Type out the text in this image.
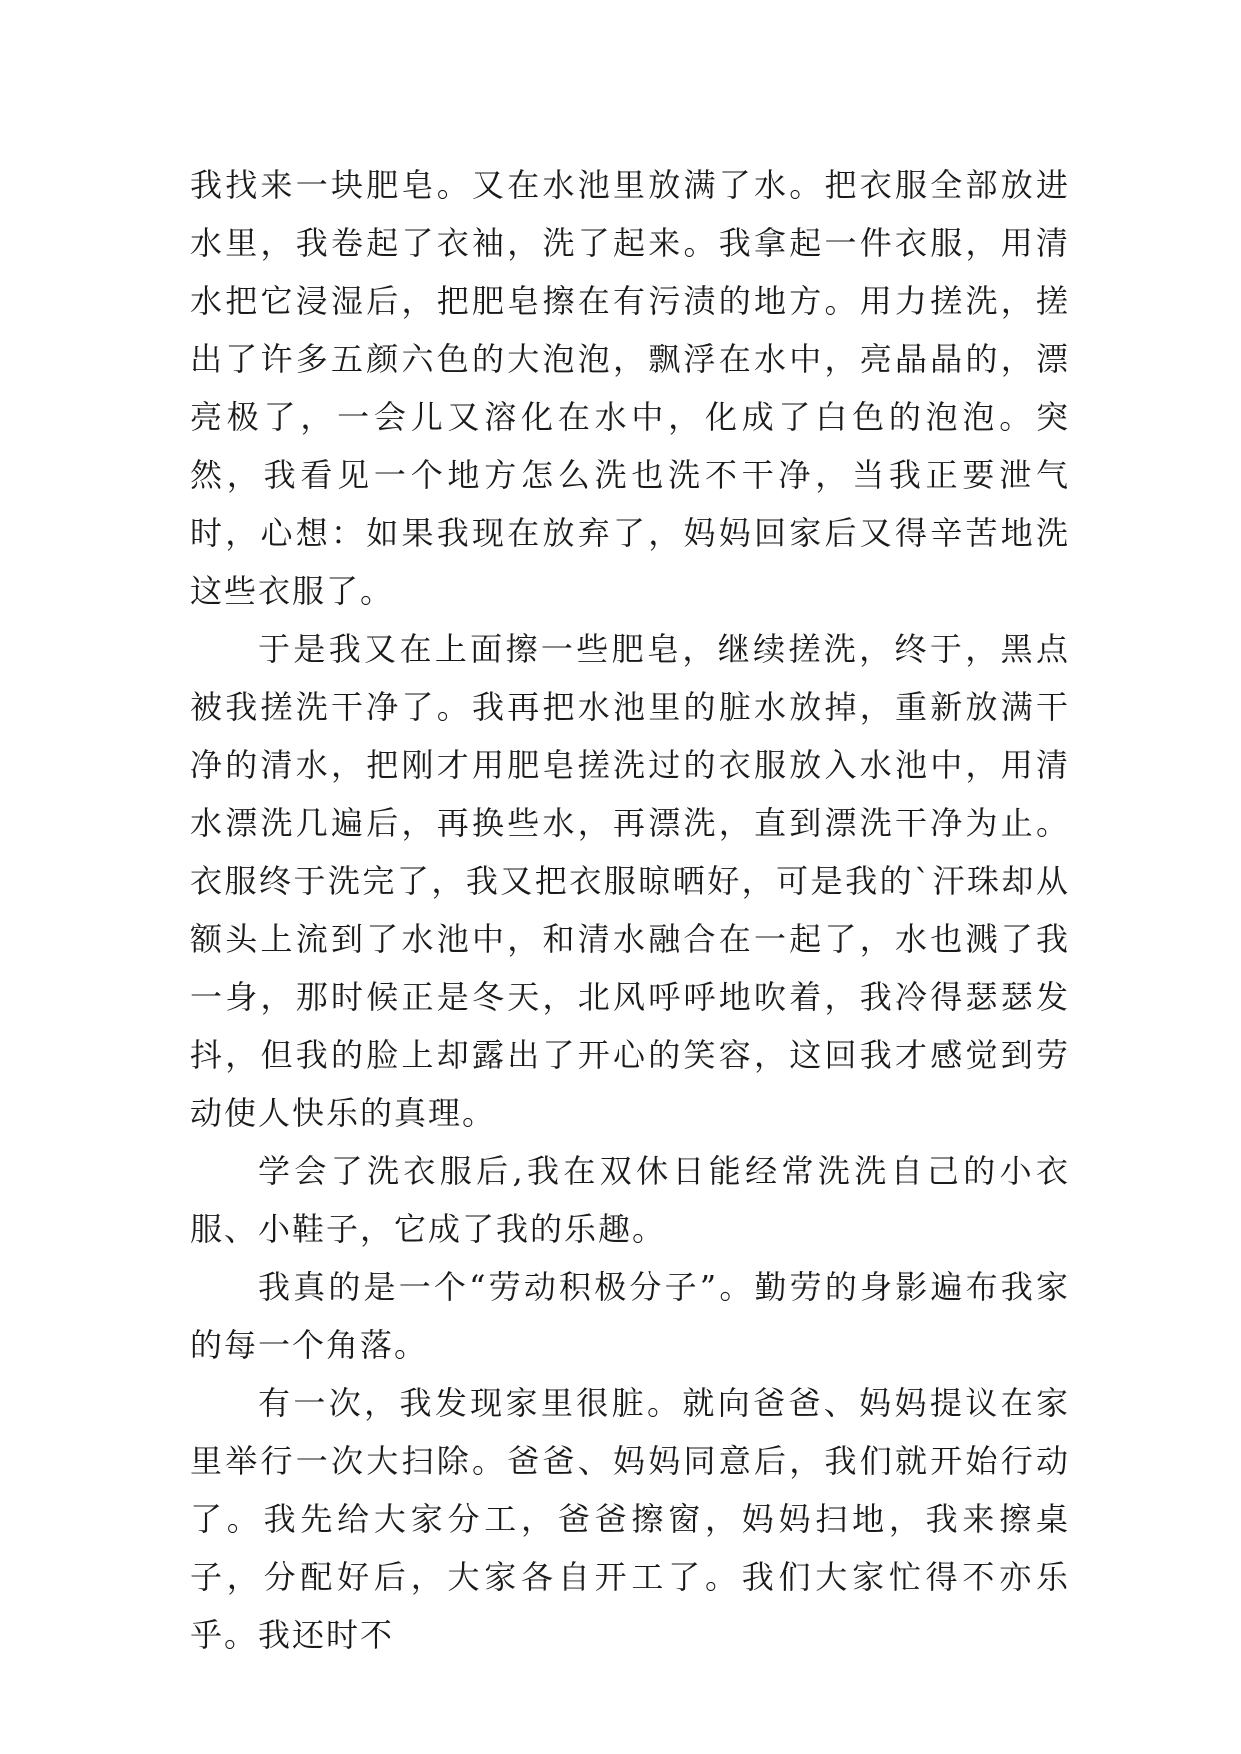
我找来一块肥皂。又在水池里放满了水。把衣服全部放进水里，我卷起了衣袖，洗了起来。我拿起一件衣服，用清水把它浸湿后，把肥皂擦在有污渍的地方。用力搓洗，搓出了许多五颜六色的大泡泡，飘浮在水中，亮晶晶的，漂亮极了，一会儿又溶化在水中，化成了白色的泡泡。突然，我看见一个地方怎么洗也洗不干净，当我正要泄气时，心想：如果我现在放弃了，妈妈回家后又得辛苦地洗这些衣服了。

于是我又在上面擦一些肥皂，继续搓洗，终于，黑点被我搓洗干净了。我再把水池里的脏水放掉，重新放满干净的清水，把刚才用肥皂搓洗过的衣服放入水池中，用清水漂洗几遍后，再换些水，再漂洗，直到漂洗干净为止。衣服终于洗完了，我又把衣服晾晒好，可是我的`汗珠却从额头上流到了水池中，和清水融合在一起了，水也溅了我一身，那时候正是冬天，北风呼呼地吹着，我冷得瑟瑟发抖，但我的脸上却露出了开心的笑容，这回我才感觉到劳动使人快乐的真理。

学会了洗衣服后,我在双休日能经常洗洗自己的小衣服、小鞋子，它成了我的乐趣。

我真的是一个“劳动积极分子”。勤劳的身影遍布我家的每一个角落。

有一次，我发现家里很脏。就向爸爸、妈妈提议在家里举行一次大扫除。爸爸、妈妈同意后，我们就开始行动了。我先给大家分工，爸爸擦窗，妈妈扫地，我来擦桌子，分配好后，大家各自开工了。我们大家忙得不亦乐乎。我还时不
